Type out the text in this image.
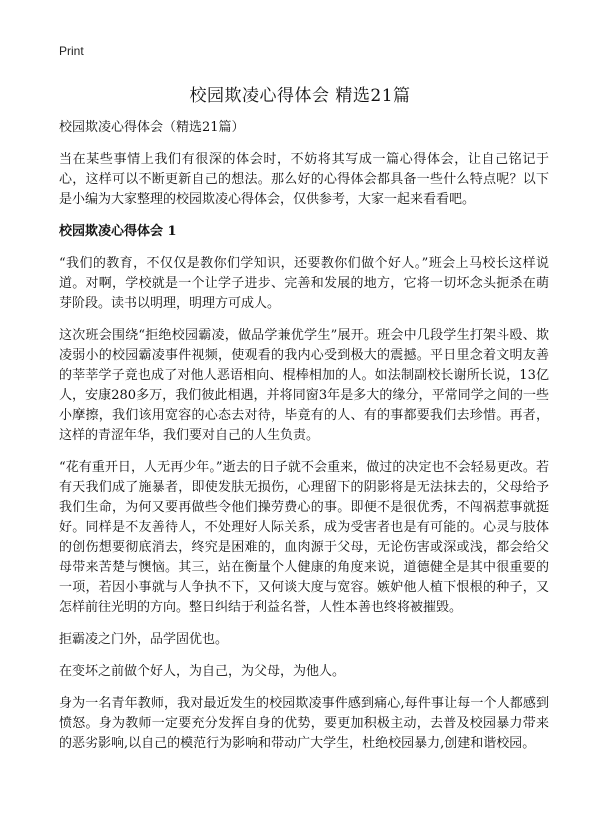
Print
校园欺凌心得体会 精选21篇

校园欺凌心得体会（精选21篇）

当在某些事情上我们有很深的体会时，不妨将其写成一篇心得体会，让自己铭记于心，这样可以不断更新自己的想法。那么好的心得体会都具备一些什么特点呢？以下是小编为大家整理的校园欺凌心得体会，仅供参考，大家一起来看看吧。

校园欺凌心得体会 1

“我们的教育，不仅仅是教你们学知识，还要教你们做个好人。”班会上马校长这样说道。对啊，学校就是一个让学子进步、完善和发展的地方，它将一切坏念头扼杀在萌芽阶段。读书以明理，明理方可成人。

这次班会围绕“拒绝校园霸凌，做品学兼优学生”展开。班会中几段学生打架斗殴、欺凌弱小的校园霸凌事件视频，使观看的我内心受到极大的震撼。平日里念着文明友善的莘莘学子竟也成了对他人恶语相向、棍棒相加的人。如法制副校长谢所长说，13亿人，安康280多万，我们彼此相遇，并将同窗3年是多大的缘分，平常同学之间的一些小摩擦，我们该用宽容的心态去对待，毕竟有的人、有的事都要我们去珍惜。再者，这样的青涩年华，我们要对自己的人生负责。

“花有重开日，人无再少年。”逝去的日子就不会重来，做过的决定也不会轻易更改。若有天我们成了施暴者，即使发肤无损伤，心理留下的阴影将是无法抹去的，父母给予我们生命，为何又要再做些令他们操劳费心的事。即便不是很优秀，不闯祸惹事就挺好。同样是不友善待人，不处理好人际关系，成为受害者也是有可能的。心灵与肢体的创伤想要彻底消去，终究是困难的，血肉源于父母，无论伤害或深或浅，都会给父母带来苦楚与懊恼。其三，站在衡量个人健康的角度来说，道德健全是其中很重要的一项，若因小事就与人争执不下，又何谈大度与宽容。嫉妒他人植下恨根的种子，又怎样前往光明的方向。整日纠结于利益名誉，人性本善也终将被摧毁。

拒霸凌之门外，品学固优也。

在变坏之前做个好人，为自己，为父母，为他人。

身为一名青年教师，我对最近发生的校园欺凌事件感到痛心,每件事让每一个人都感到愤怒。身为教师一定要充分发挥自身的优势，要更加积极主动，去普及校园暴力带来的恶劣影响,以自己的模范行为影响和带动广大学生，杜绝校园暴力,创建和谐校园。
